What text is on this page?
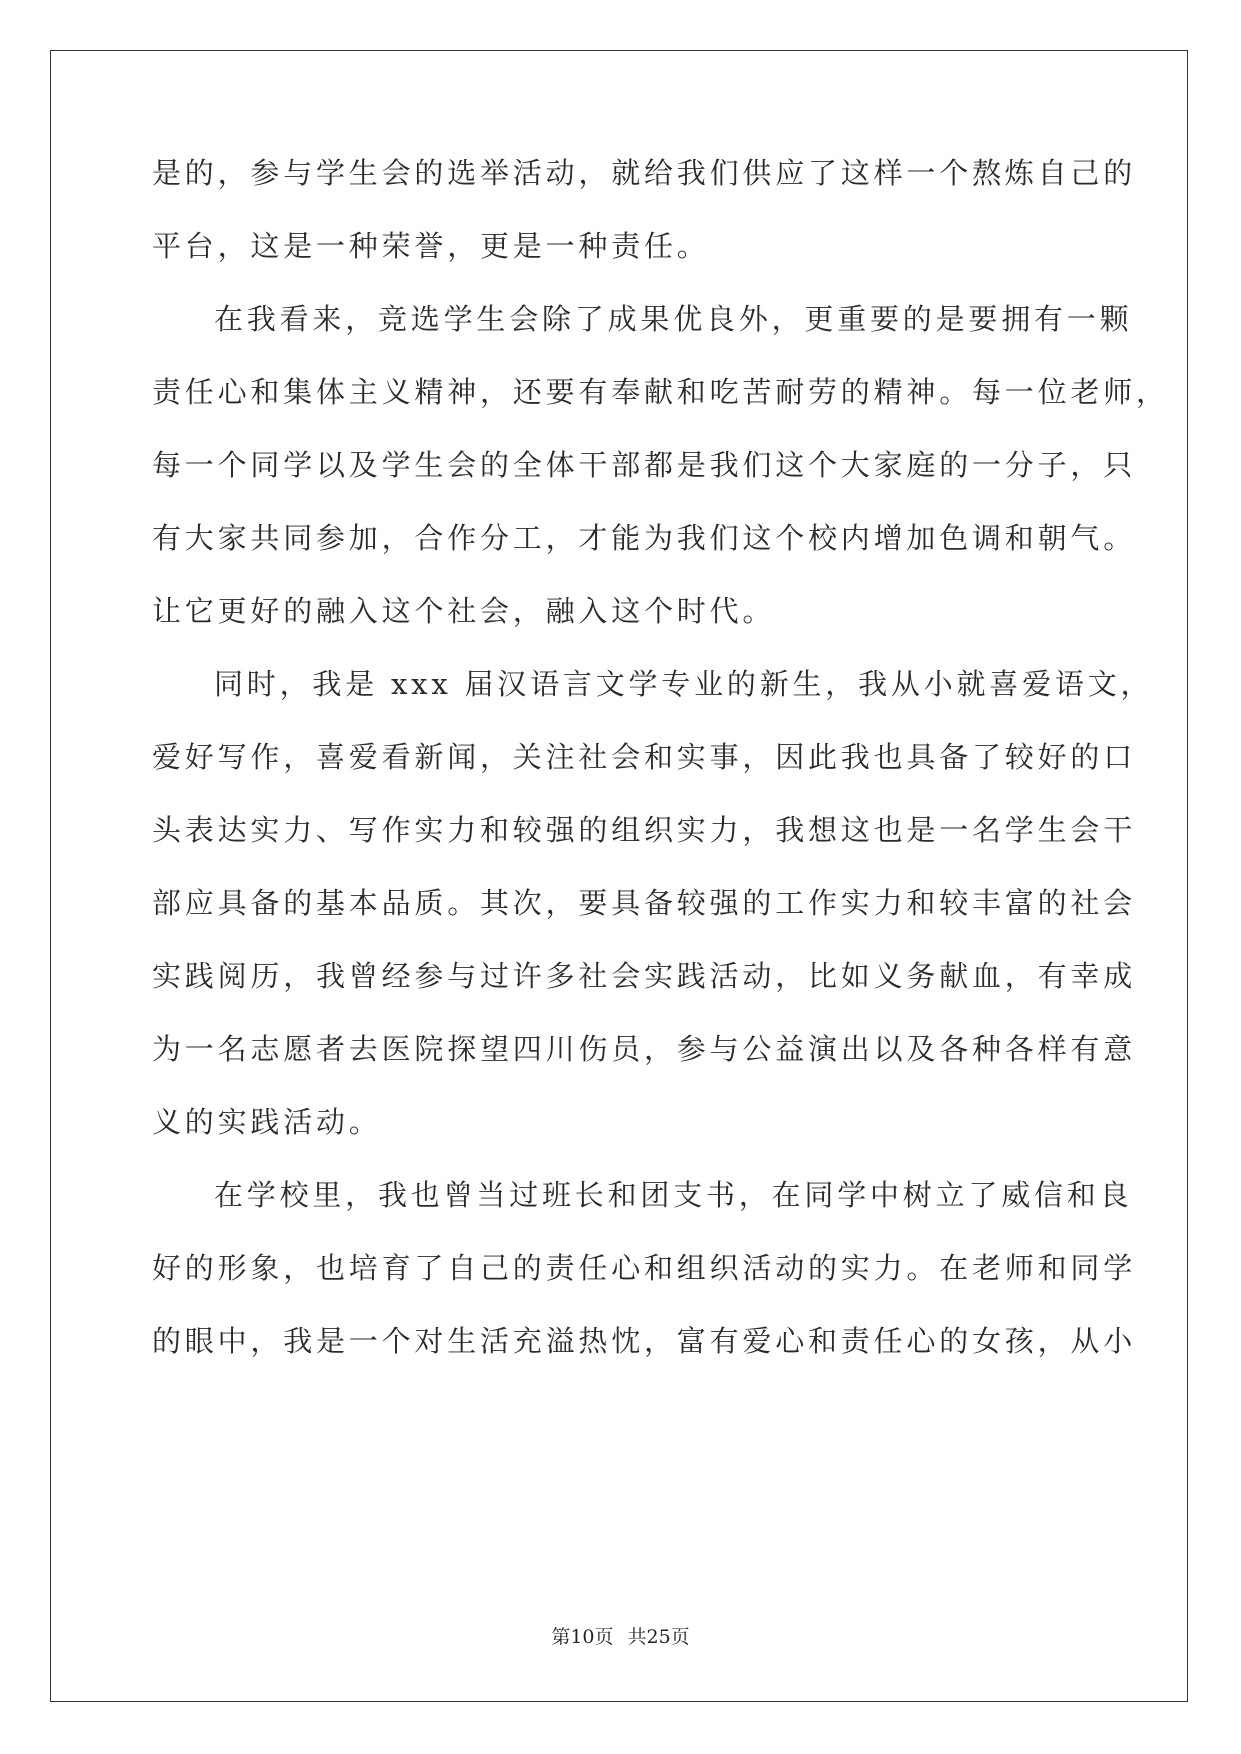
是的，参与学生会的选举活动，就给我们供应了这样一个熬炼自己的
平台，这是一种荣誉，更是一种责任。
在我看来，竞选学生会除了成果优良外，更重要的是要拥有一颗
责任心和集体主义精神，还要有奉献和吃苦耐劳的精神。每一位老师，
每一个同学以及学生会的全体干部都是我们这个大家庭的一分子，只
有大家共同参加，合作分工，才能为我们这个校内增加色调和朝气。
让它更好的融入这个社会，融入这个时代。
同时，我是 xxx 届汉语言文学专业的新生，我从小就喜爱语文，
爱好写作，喜爱看新闻，关注社会和实事，因此我也具备了较好的口
头表达实力、写作实力和较强的组织实力，我想这也是一名学生会干
部应具备的基本品质。其次，要具备较强的工作实力和较丰富的社会
实践阅历，我曾经参与过许多社会实践活动，比如义务献血，有幸成
为一名志愿者去医院探望四川伤员，参与公益演出以及各种各样有意
义的实践活动。
在学校里，我也曾当过班长和团支书，在同学中树立了威信和良
好的形象，也培育了自己的责任心和组织活动的实力。在老师和同学
的眼中，我是一个对生活充溢热忱，富有爱心和责任心的女孩，从小
第10页 共25页
